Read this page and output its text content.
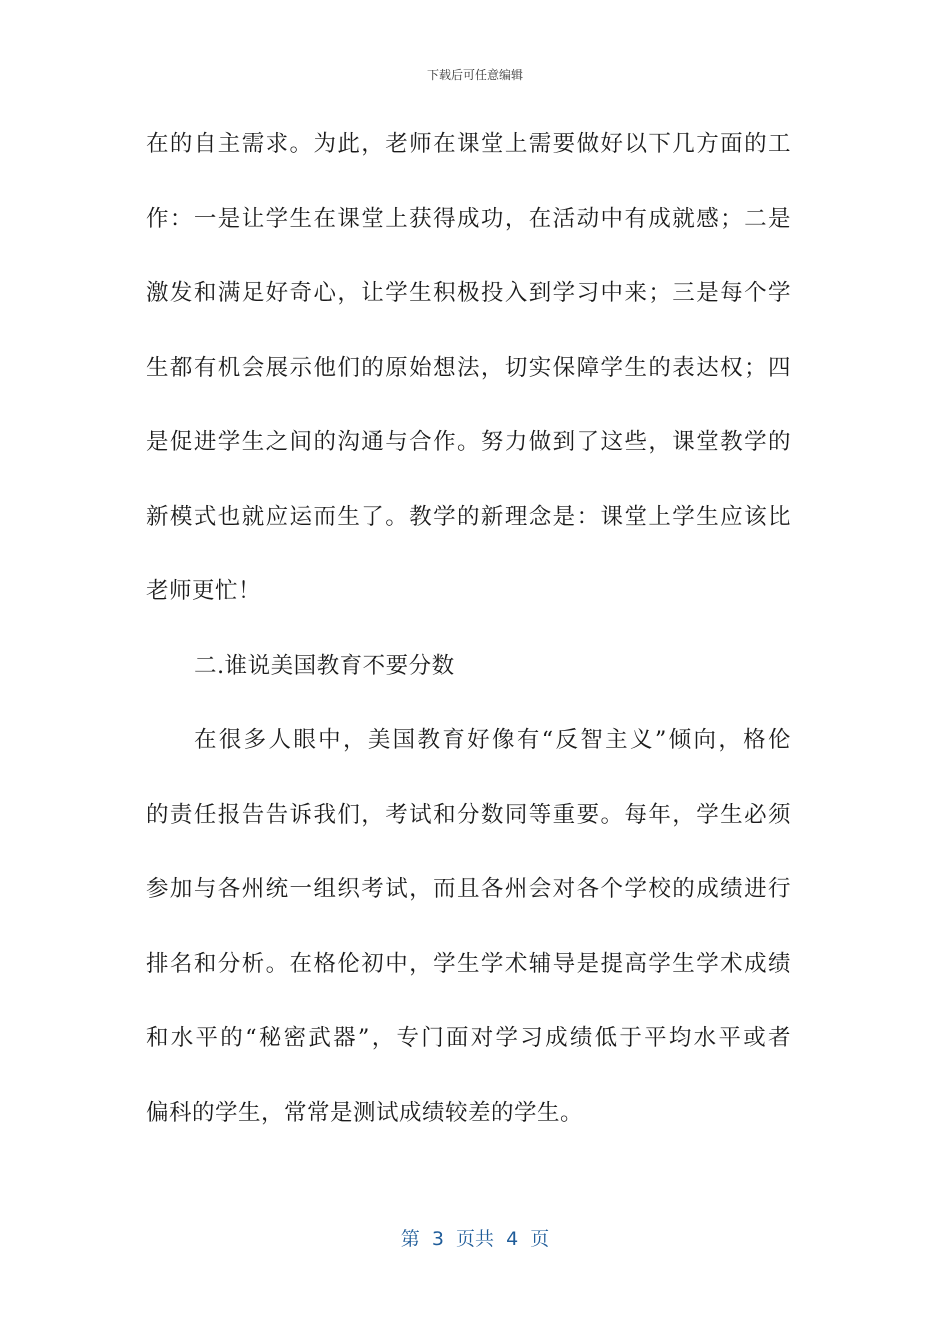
下载后可任意编辑
在的自主需求。为此，老师在课堂上需要做好以下几方面的工
作：一是让学生在课堂上获得成功，在活动中有成就感；二是
激发和满足好奇心，让学生积极投入到学习中来；三是每个学
生都有机会展示他们的原始想法，切实保障学生的表达权；四
是促进学生之间的沟通与合作。努力做到了这些，课堂教学的
新模式也就应运而生了。教学的新理念是：课堂上学生应该比
老师更忙！
二.谁说美国教育不要分数
在很多人眼中，美国教育好像有“反智主义”倾向，格伦
的责任报告告诉我们，考试和分数同等重要。每年，学生必须
参加与各州统一组织考试，而且各州会对各个学校的成绩进行
排名和分析。在格伦初中，学生学术辅导是提高学生学术成绩
和水平的“秘密武器”，专门面对学习成绩低于平均水平或者
偏科的学生，常常是测试成绩较差的学生。
第  3  页共  4  页
